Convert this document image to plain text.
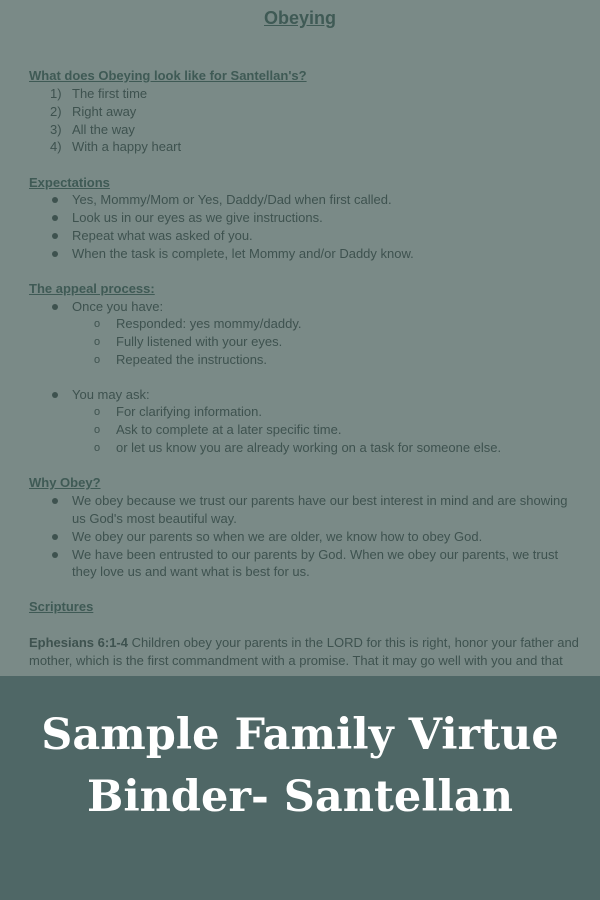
Obeying
What does Obeying look like for Santellan's?
1) The first time
2) Right away
3) All the way
4) With a happy heart
Expectations
Yes, Mommy/Mom or Yes, Daddy/Dad when first called.
Look us in our eyes as we give instructions.
Repeat what was asked of you.
When the task is complete, let Mommy and/or Daddy know.
The appeal process:
Once you have:
o Responded: yes mommy/daddy.
o Fully listened with your eyes.
o Repeated the instructions.
You may ask:
o For clarifying information.
o Ask to complete at a later specific time.
o or let us know you are already working on a task for someone else.
Why Obey?
We obey because we trust our parents have our best interest in mind and are showing
us God's most beautiful way.
We obey our parents so when we are older, we know how to obey God.
We have been entrusted to our parents by God. When we obey our parents, we trust
they love us and want what is best for us.
Scriptures
Ephesians 6:1-4 Children obey your parents in the LORD for this is right, honor your father and
mother, which is the first commandment with a promise. That it may go well with you and that
Sample Family Virtue
Binder- Santellan
